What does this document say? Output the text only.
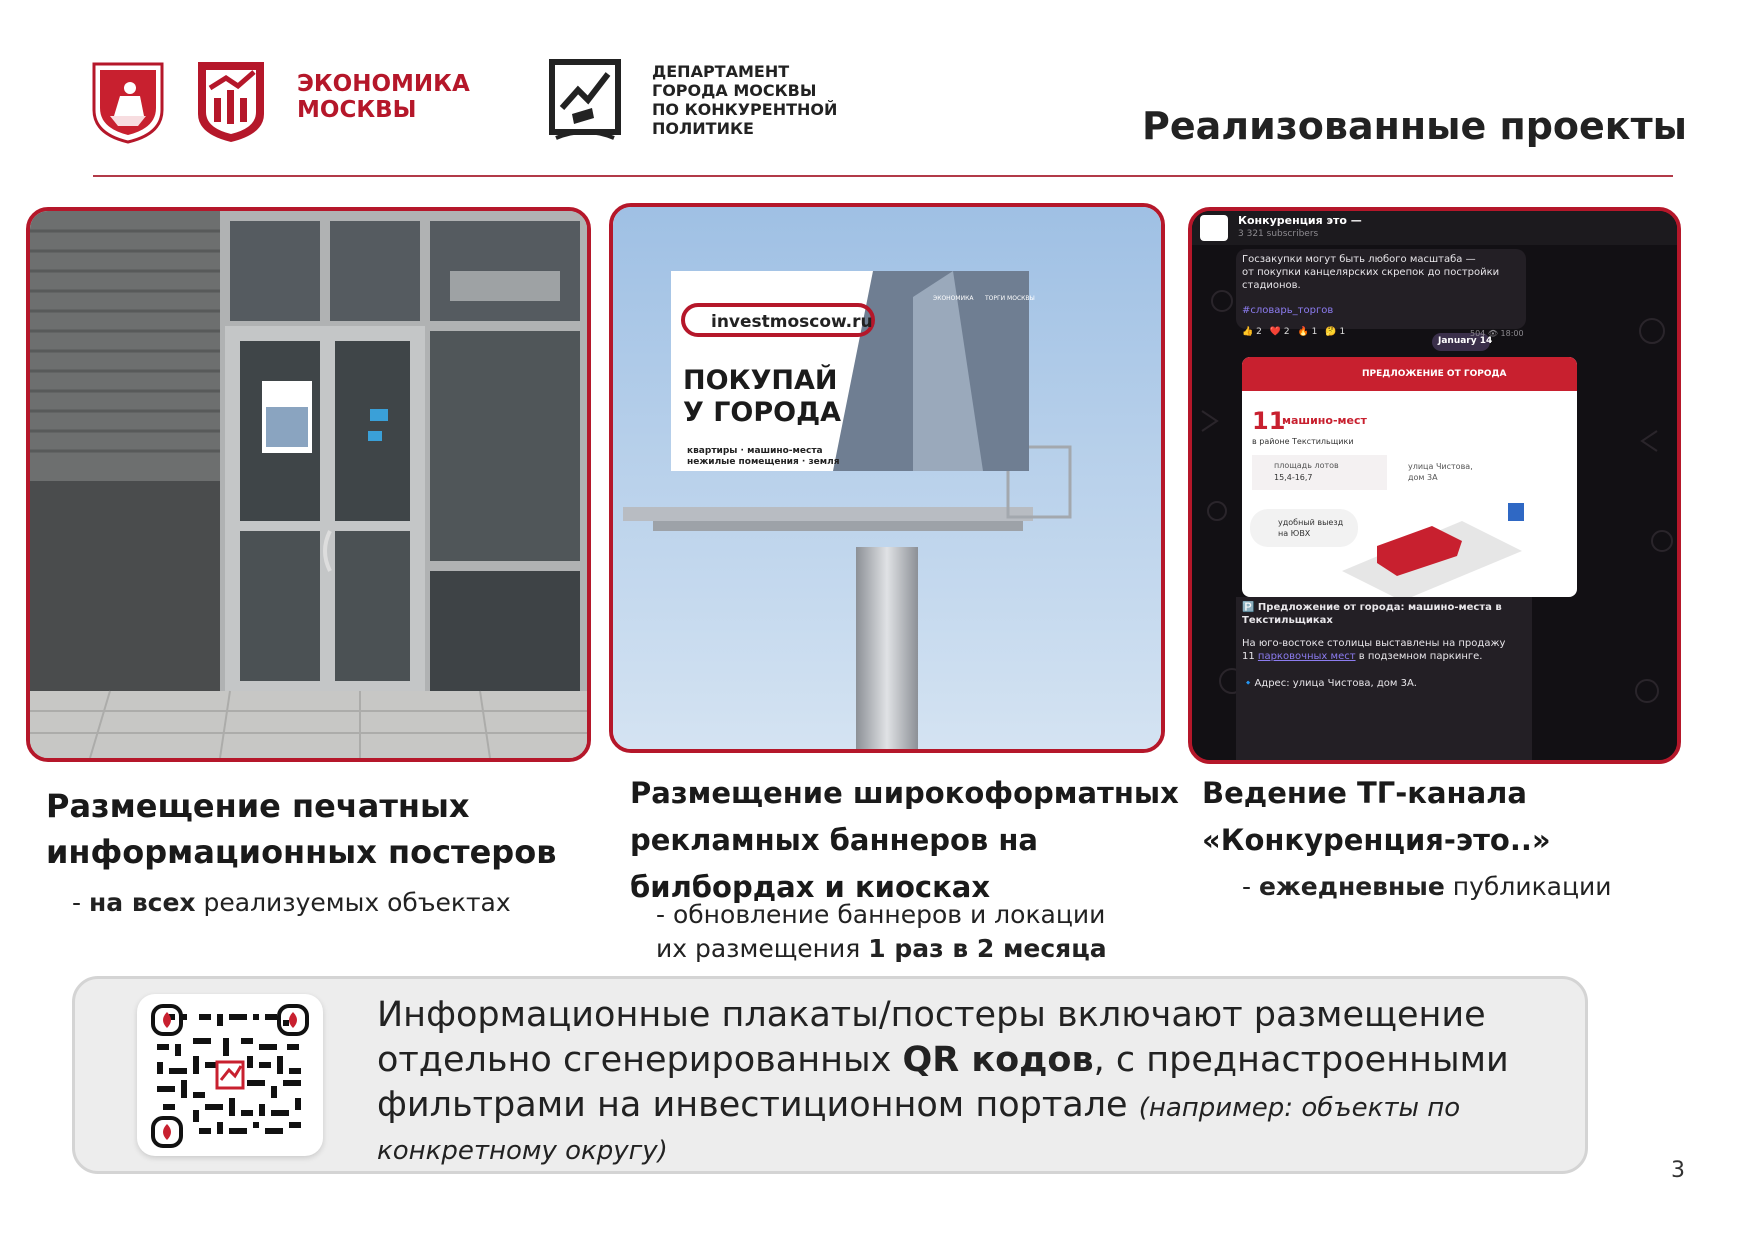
ЭКОНОМИКА
МОСКВЫ
ДЕПАРТАМЕНТ
ГОРОДА МОСКВЫ
ПО КОНКУРЕНТНОЙ
ПОЛИТИКЕ	Реализованные проекты
investmoscow.ru
ЭКОНОМИКА ТОРГИ МОСКВЫ
ПОКУПАЙ
У ГОРОДА
квартиры · машино-места
нежилые помещения · земля
Конкуренция это —
3 321 subscribers
Госзакупки могут быть любого масштаба —
от покупки канцелярских скрепок до постройки
стадионов.
#словарь_торгов
👍 2 ❤️ 2 🔥 1 🤔 1	504 👁 18:00
January 14
ПРЕДЛОЖЕНИЕ ОТ ГОРОДА
11
машино-мест
в районе Текстильщики
площадь лотов
15,4-16,7
улица Чистова,
дом 3А
удобный выезд
на ЮВХ
🅿️ Предложение от города: машино-места в
Текстильщиках
На юго-востоке столицы выставлены на продажу
11 парковочных мест в подземном паркинге.
🔹Адрес: улица Чистова, дом 3А.
Размещение печатных
информационных постеров
- на всех реализуемых объектах
Размещение широкоформатных
рекламных баннеров на
билбордах и киосках
- обновление баннеров и локации
их размещения 1 раз в 2 месяца
Ведение ТГ-канала
«Конкуренция-это..»
- ежедневные публикации
Информационные плакаты/постеры включают размещение
отдельно сгенерированных QR кодов, с преднастроенными
фильтрами на инвестиционном портале (например: объекты по
конкретному округу)
3
